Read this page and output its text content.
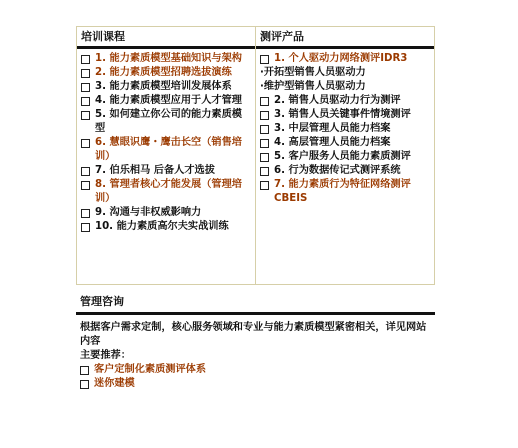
培训课程
1. 能力素质模型基础知识与架构
2. 能力素质模型招聘选拔演练
3. 能力素质模型培训发展体系
4. 能力素质模型应用于人才管理
5. 如何建立你公司的能力素质模型
6. 慧眼识鹰・鹰击长空（销售培训）
7. 伯乐相马 后备人才选拔
8. 管理者核心才能发展（管理培训）
9. 沟通与非权威影响力
10. 能力素质高尔夫实战训练
测评产品
1. 个人驱动力网络测评IDR3
·开拓型销售人员驱动力
·维护型销售人员驱动力
2. 销售人员驱动力行为测评
3. 销售人员关键事件情境测评
3. 中层管理人员能力档案
4. 高层管理人员能力档案
5. 客户服务人员能力素质测评
6. 行为数据传记式测评系统
7. 能力素质行为特征网络测评CBEIS
管理咨询
根据客户需求定制，核心服务领域和专业与能力素质模型紧密相关，详见网站内容
主要推荐：
客户定制化素质测评体系
迷你建模
